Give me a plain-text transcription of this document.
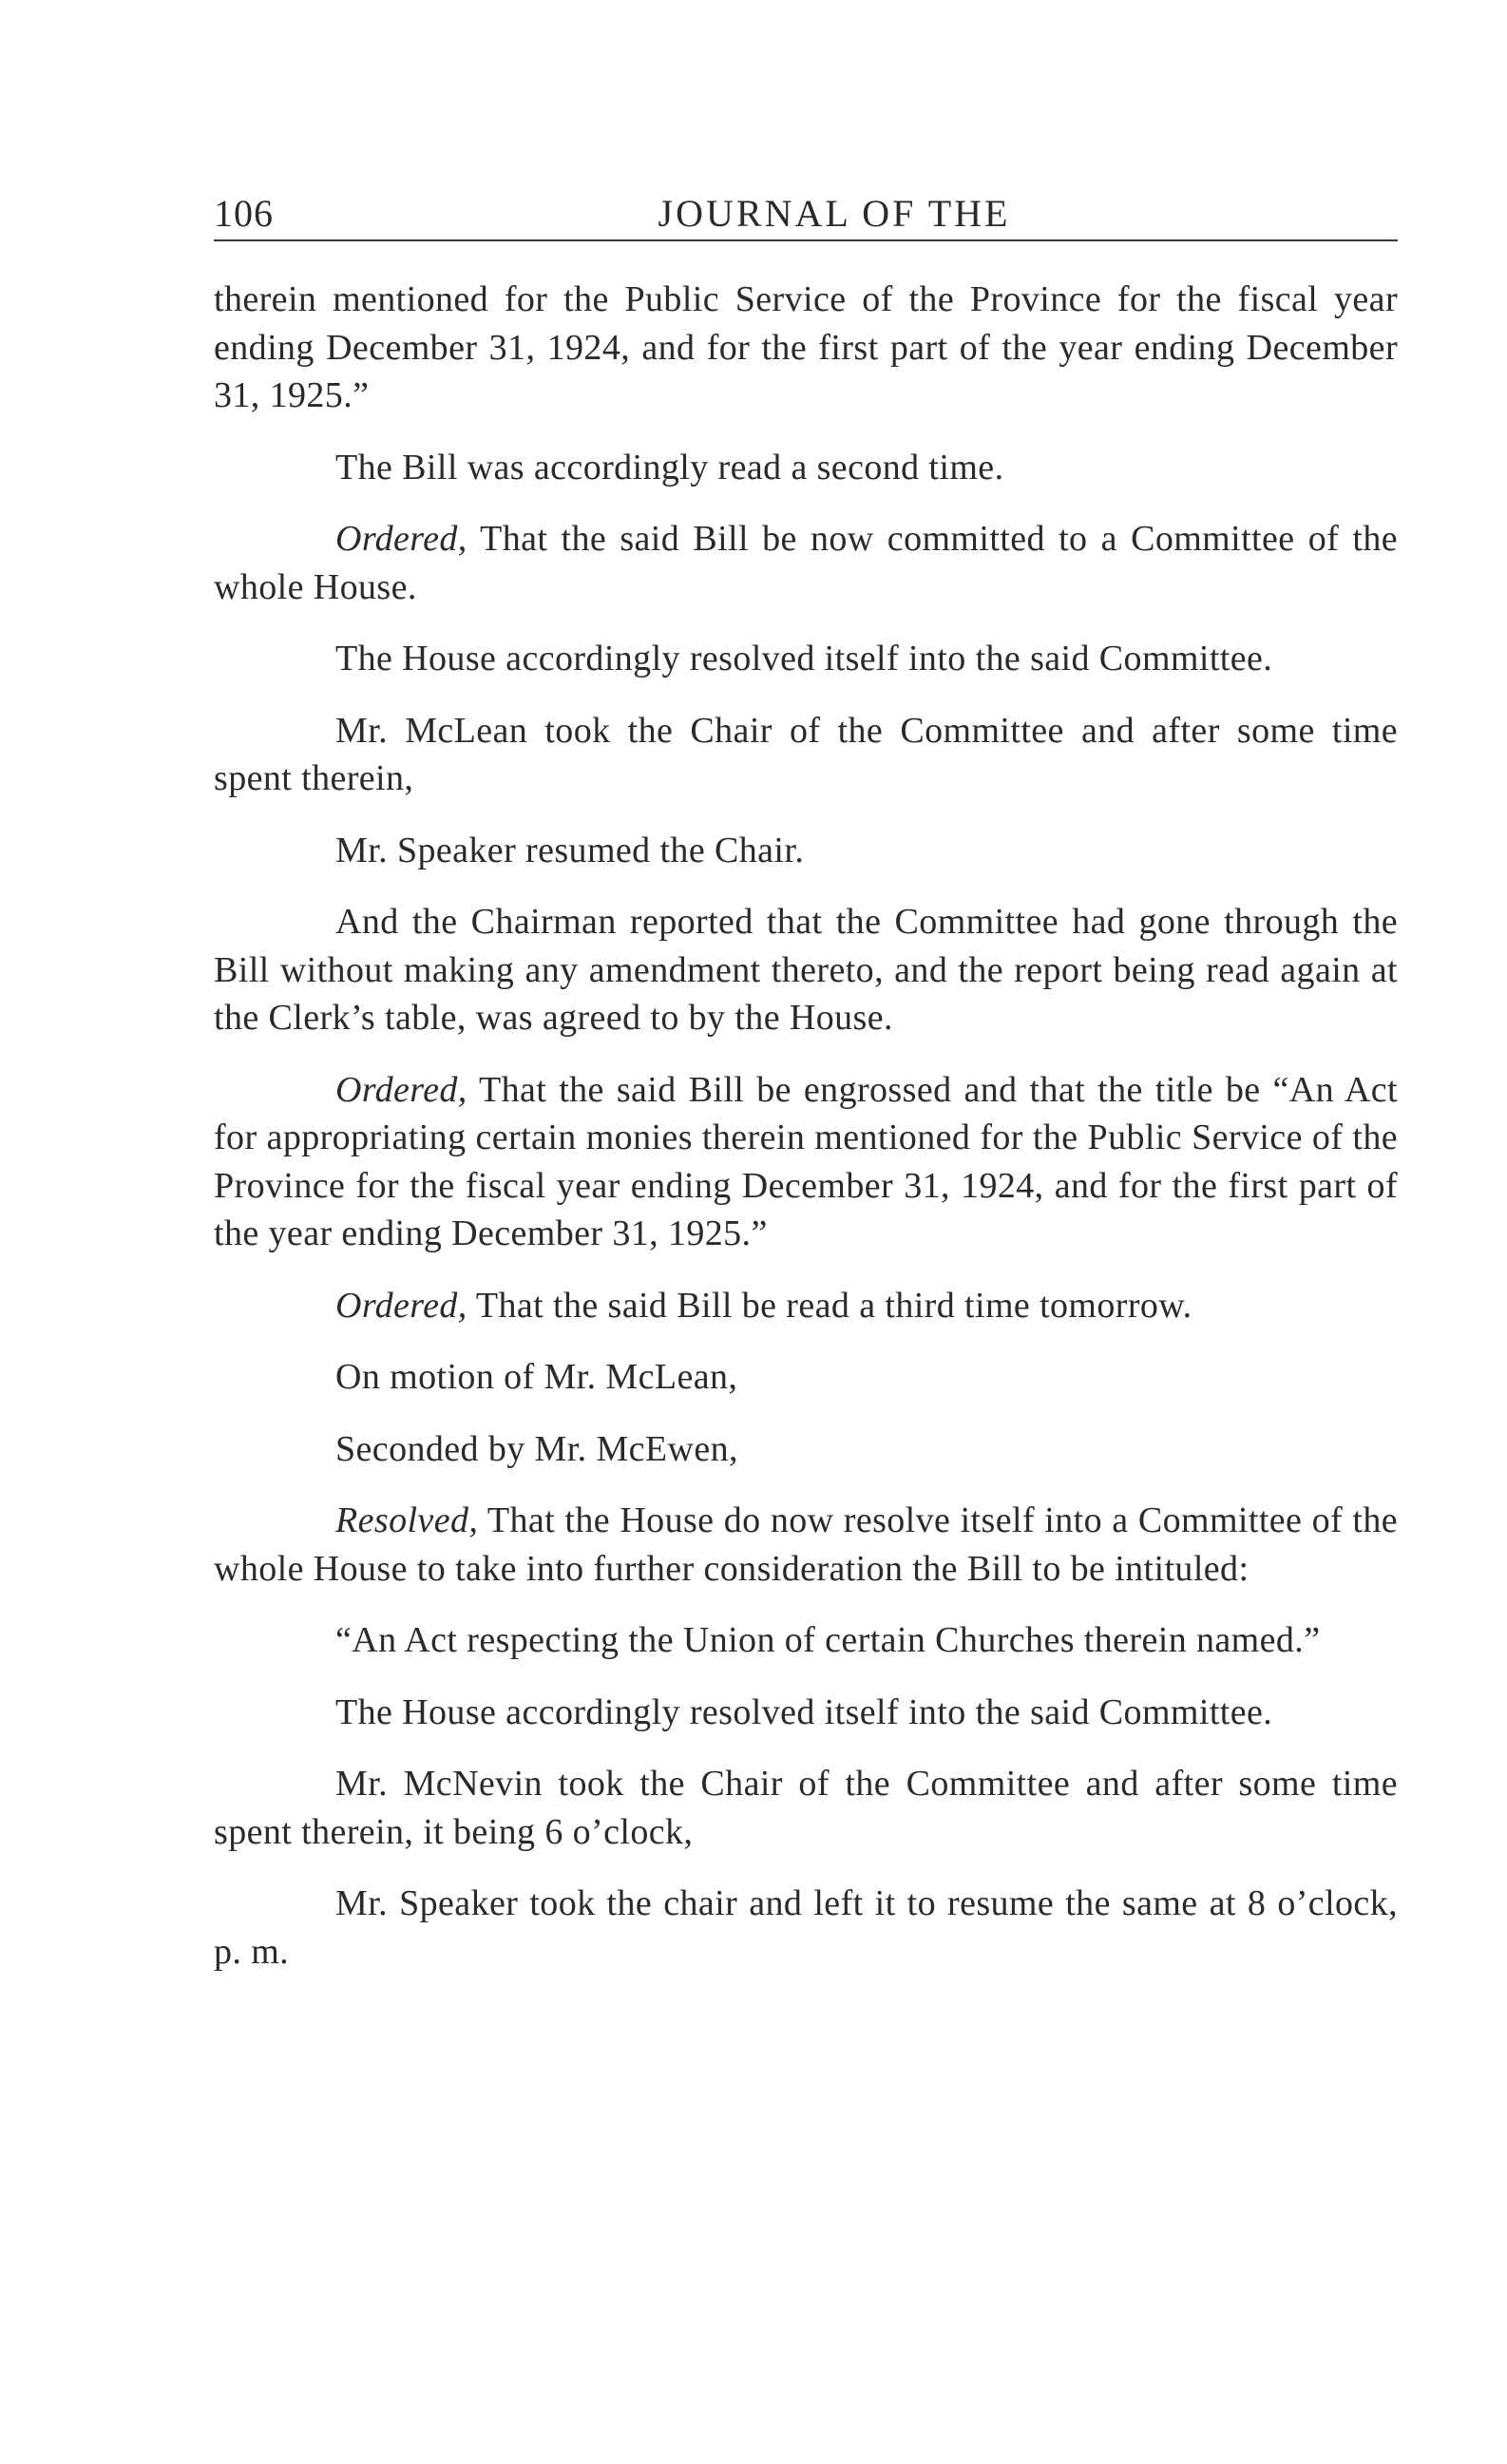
106	JOURNAL OF THE

therein mentioned for the Public Service of the Province for the fiscal year ending December 31, 1924, and for the first part of the year ending December 31, 1925.”

The Bill was accordingly read a second time.

Ordered, That the said Bill be now committed to a Committee of the whole House.

The House accordingly resolved itself into the said Committee.

Mr. McLean took the Chair of the Committee and after some time spent therein,

Mr. Speaker resumed the Chair.

And the Chairman reported that the Committee had gone through the Bill without making any amendment thereto, and the report being read again at the Clerk’s table, was agreed to by the House.

Ordered, That the said Bill be engrossed and that the title be “An Act for appropriating certain monies therein mentioned for the Public Service of the Province for the fiscal year ending December 31, 1924, and for the first part of the year ending December 31, 1925.”

Ordered, That the said Bill be read a third time tomorrow.

On motion of Mr. McLean,

Seconded by Mr. McEwen,

Resolved, That the House do now resolve itself into a Committee of the whole House to take into further consideration the Bill to be intituled:

“An Act respecting the Union of certain Churches therein named.”

The House accordingly resolved itself into the said Committee.

Mr. McNevin took the Chair of the Committee and after some time spent therein, it being 6 o’clock,

Mr. Speaker took the chair and left it to resume the same at 8 o’clock, p. m.
